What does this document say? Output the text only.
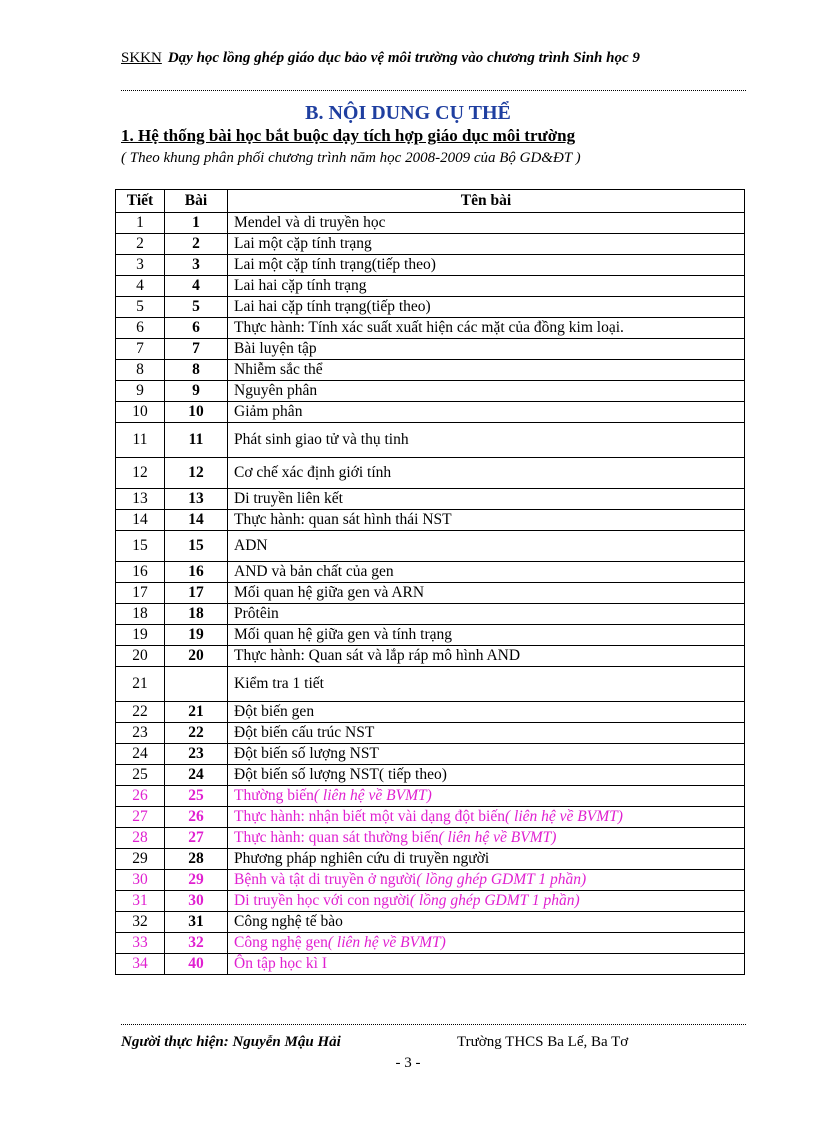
SKKN Dạy học lồng ghép giáo dục bảo vệ môi trường vào chương trình Sinh học 9
B. NỘI DUNG CỤ THỂ
1. Hệ thống bài học bắt buộc dạy tích hợp giáo dục môi trường
( Theo khung phân phối chương trình năm học 2008-2009 của Bộ GD&ĐT )
Tiết	Bài	Tên bài
1	1	Mendel và di truyền học
2	2	Lai một cặp tính trạng
3	3	Lai một cặp tính trạng(tiếp theo)
4	4	Lai hai cặp tính trạng
5	5	Lai hai cặp tính trạng(tiếp theo)
6	6	Thực hành: Tính xác suất xuất hiện các mặt của đồng kim loại.
7	7	Bài luyện tập
8	8	Nhiễm sắc thể
9	9	Nguyên phân
10	10	Giảm phân
11	11	Phát sinh giao tử và thụ tinh
12	12	Cơ chế xác định giới tính
13	13	Di truyền liên kết
14	14	Thực hành: quan sát hình thái NST
15	15	ADN
16	16	AND và bản chất của gen
17	17	Mối quan hệ giữa gen và ARN
18	18	Prôtêin
19	19	Mối quan hệ giữa gen và tính trạng
20	20	Thực hành: Quan sát và lắp ráp mô hình AND
21		Kiểm tra 1 tiết
22	21	Đột biến gen
23	22	Đột biến cấu trúc NST
24	23	Đột biến số lượng NST
25	24	Đột biến số lượng NST( tiếp theo)
26	25	Thường biến( liên hệ về BVMT)
27	26	Thực hành: nhận biết một vài dạng đột biến( liên hệ về BVMT)
28	27	Thực hành: quan sát thường biến( liên hệ về BVMT)
29	28	Phương pháp nghiên cứu di truyền người
30	29	Bệnh và tật di truyền ở người( lồng ghép GDMT 1 phần)
31	30	Di truyền học với con người( lồng ghép GDMT 1 phần)
32	31	Công nghệ tế bào
33	32	Công nghệ gen( liên hệ về BVMT)
34	40	Ôn tập học kì I
Người thực hiện: Nguyễn Mậu Hải	Trường THCS Ba Lế, Ba Tơ
- 3 -
